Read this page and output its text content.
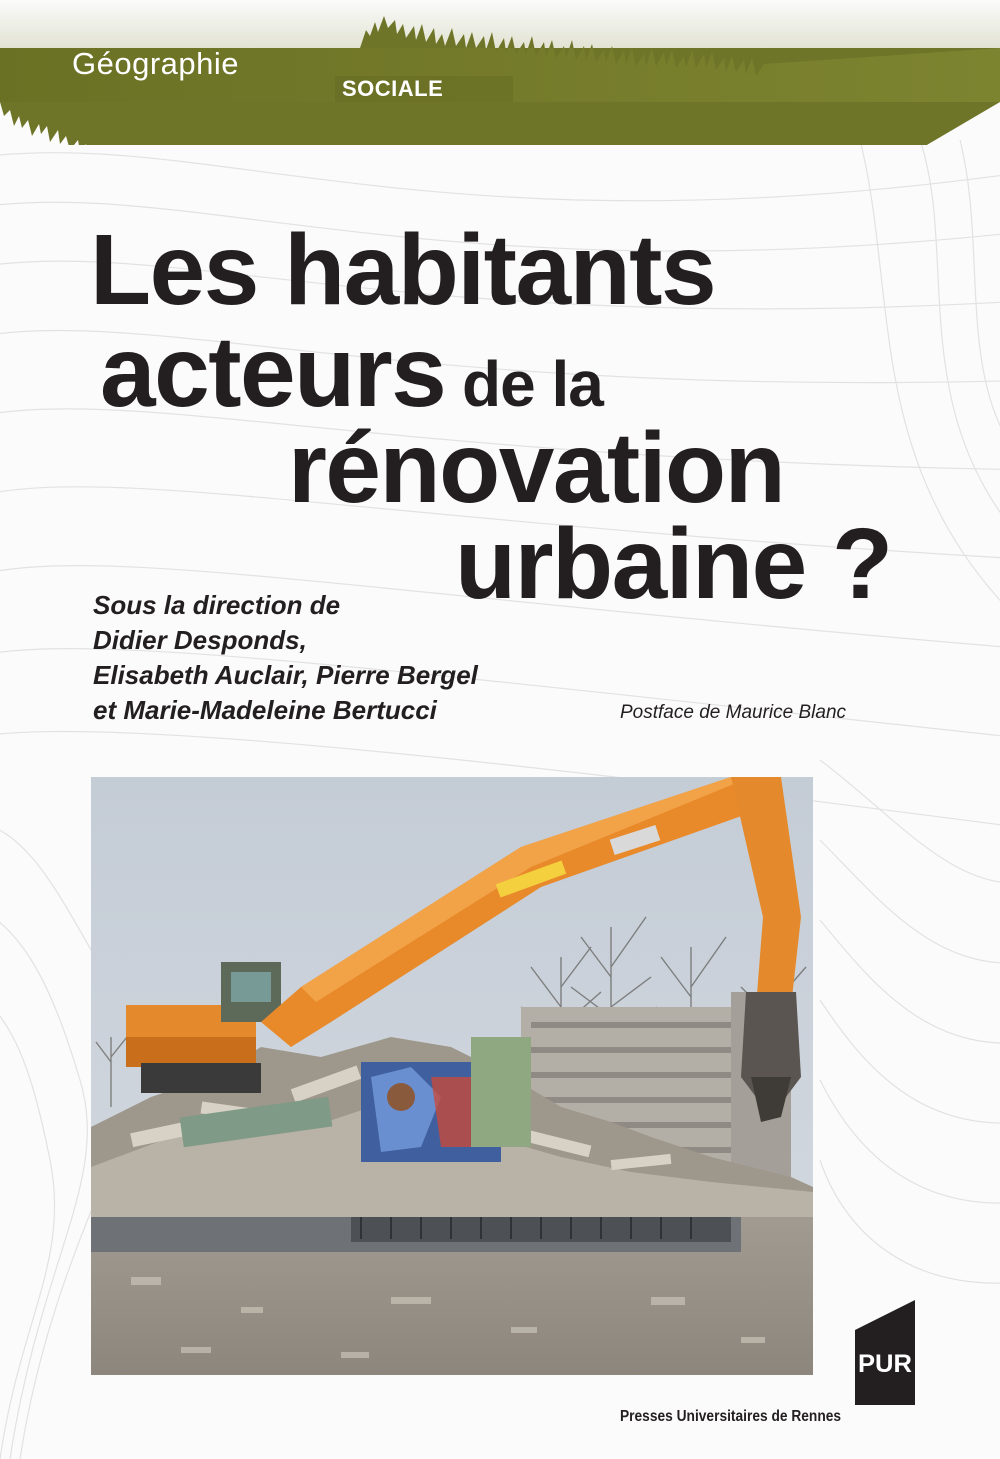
Géographie
SOCIALE
Les habitants
acteurs de la
rénovation
urbaine ?
Sous la direction de
Didier Desponds,
Elisabeth Auclair, Pierre Bergel
et Marie-Madeleine Bertucci	Postface de Maurice Blanc
PUR
Presses Universitaires de Rennes
